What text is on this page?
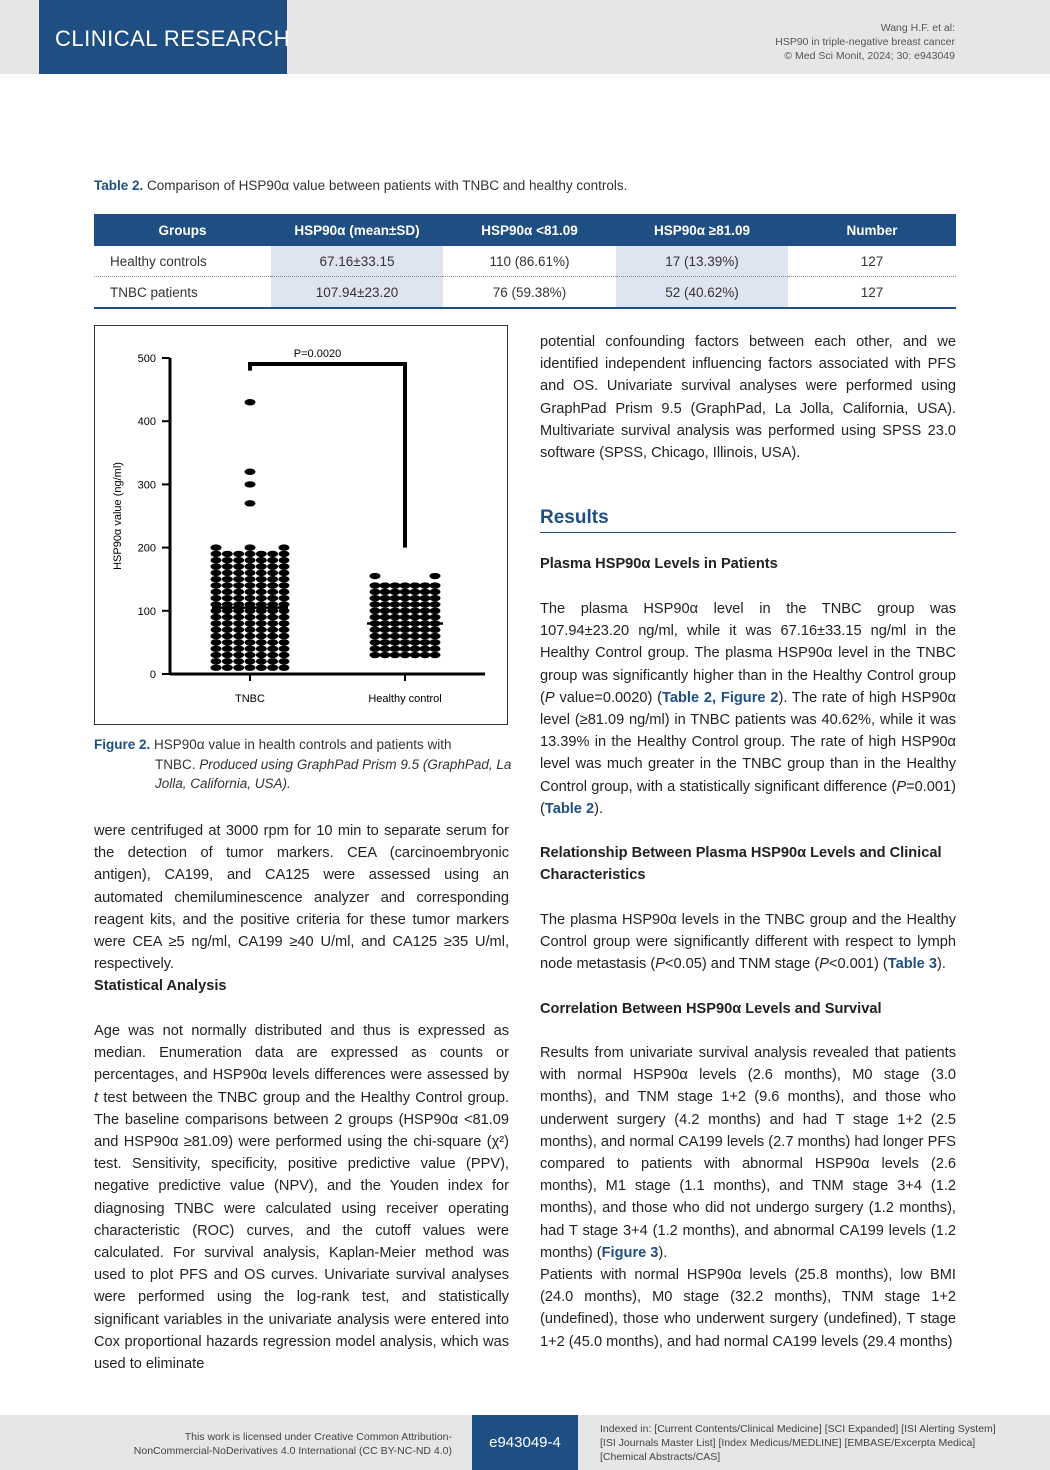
CLINICAL RESEARCH	Wang H.F. et al:
HSP90 in triple-negative breast cancer
© Med Sci Monit, 2024; 30: e943049
Table 2. Comparison of HSP90α value between patients with TNBC and healthy controls.
Groups	HSP90α (mean±SD)	HSP90α <81.09	HSP90α ≥81.09	Number
Healthy controls	67.16±33.15	110 (86.61%)	17 (13.39%)	127
TNBC patients	107.94±23.20	76 (59.38%)	52 (40.62%)	127
0
100
200
300
400
500
HSP90α value (ng/ml)
TNBC	Healthy control
P=0.0020
Figure 2. HSP90α value in health controls and patients with
TNBC. Produced using GraphPad Prism 9.5 (GraphPad, La Jolla, California, USA).

were centrifuged at 3000 rpm for 10 min to separate serum for the detection of tumor markers. CEA (carcinoembryonic antigen), CA199, and CA125 were assessed using an automated chemiluminescence analyzer and corresponding reagent kits, and the positive criteria for these tumor markers were CEA ≥5 ng/ml, CA199 ≥40 U/ml, and CA125 ≥35 U/ml, respectively.

Statistical Analysis

Age was not normally distributed and thus is expressed as median. Enumeration data are expressed as counts or percentages, and HSP90α levels differences were assessed by t test between the TNBC group and the Healthy Control group. The baseline comparisons between 2 groups (HSP90α <81.09 and HSP90α ≥81.09) were performed using the chi-square (χ²) test. Sensitivity, specificity, positive predictive value (PPV), negative predictive value (NPV), and the Youden index for diagnosing TNBC were calculated using receiver operating characteristic (ROC) curves, and the cutoff values were calculated. For survival analysis, Kaplan-Meier method was used to plot PFS and OS curves. Univariate survival analyses were performed using the log-rank test, and statistically significant variables in the univariate analysis were entered into Cox proportional hazards regression model analysis, which was used to eliminate

potential confounding factors between each other, and we identified independent influencing factors associated with PFS and OS. Univariate survival analyses were performed using GraphPad Prism 9.5 (GraphPad, La Jolla, California, USA). Multivariate survival analysis was performed using SPSS 23.0 software (SPSS, Chicago, Illinois, USA).

Results
Plasma HSP90α Levels in Patients

The plasma HSP90α level in the TNBC group was 107.94±23.20 ng/ml, while it was 67.16±33.15 ng/ml in the Healthy Control group. The plasma HSP90α level in the TNBC group was significantly higher than in the Healthy Control group (P value=0.0020) (Table 2, Figure 2). The rate of high HSP90α level (≥81.09 ng/ml) in TNBC patients was 40.62%, while it was 13.39% in the Healthy Control group. The rate of high HSP90α level was much greater in the TNBC group than in the Healthy Control group, with a statistically significant difference (P=0.001) (Table 2).

Relationship Between Plasma HSP90α Levels and Clinical Characteristics

The plasma HSP90α levels in the TNBC group and the Healthy Control group were significantly different with respect to lymph node metastasis (P<0.05) and TNM stage (P<0.001) (Table 3).

Correlation Between HSP90α Levels and Survival

Results from univariate survival analysis revealed that patients with normal HSP90α levels (2.6 months), M0 stage (3.0 months), and TNM stage 1+2 (9.6 months), and those who underwent surgery (4.2 months) and had T stage 1+2 (2.5 months), and normal CA199 levels (2.7 months) had longer PFS compared to patients with abnormal HSP90α levels (2.6 months), M1 stage (1.1 months), and TNM stage 3+4 (1.2 months), and those who did not undergo surgery (1.2 months), had T stage 3+4 (1.2 months), and abnormal CA199 levels (1.2 months) (Figure 3).

Patients with normal HSP90α levels (25.8 months), low BMI (24.0 months), M0 stage (32.2 months), TNM stage 1+2 (undefined), those who underwent surgery (undefined), T stage 1+2 (45.0 months), and had normal CA199 levels (29.4 months)

This work is licensed under Creative Common Attribution-
NonCommercial-NoDerivatives 4.0 International (CC BY-NC-ND 4.0)	e943049-4
Indexed in: [Current Contents/Clinical Medicine] [SCI Expanded] [ISI Alerting System]
[ISI Journals Master List] [Index Medicus/MEDLINE] [EMBASE/Excerpta Medica]
[Chemical Abstracts/CAS]
